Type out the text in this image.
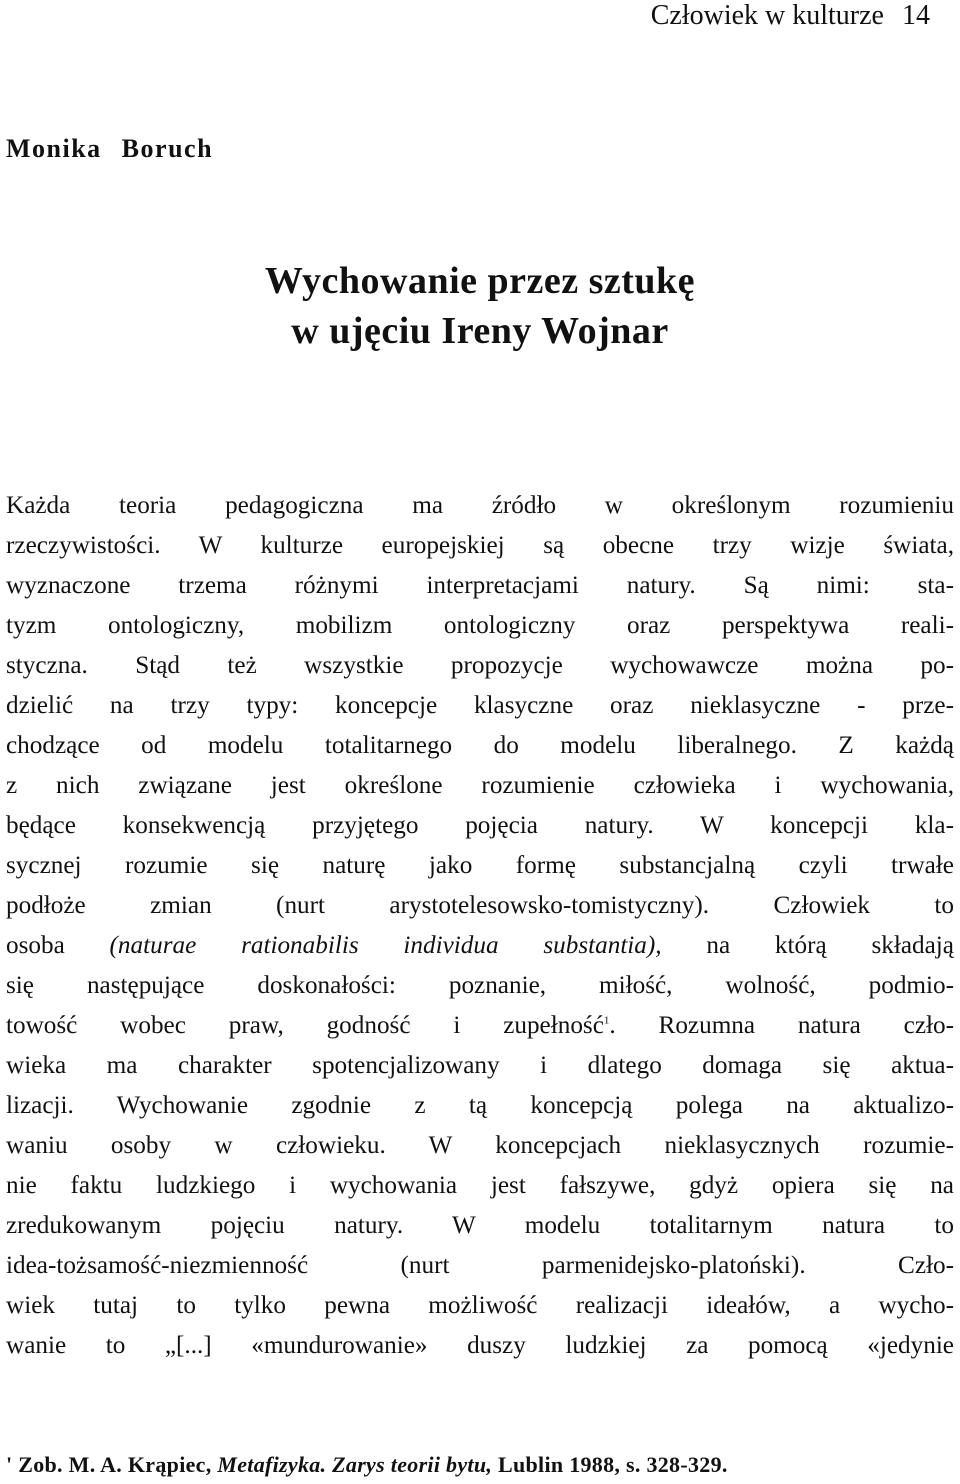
Człowiek w kulturze 14
Monika Boruch
Wychowanie przez sztukę
w ujęciu Ireny Wojnar
Każda teoria pedagogiczna ma źródło w określonym rozumieniu
rzeczywistości. W kulturze europejskiej są obecne trzy wizje świata,
wyznaczone trzema różnymi interpretacjami natury. Są nimi: sta-
tyzm ontologiczny, mobilizm ontologiczny oraz perspektywa reali-
styczna. Stąd też wszystkie propozycje wychowawcze można po-
dzielić na trzy typy: koncepcje klasyczne oraz nieklasyczne - prze-
chodzące od modelu totalitarnego do modelu liberalnego. Z każdą
z nich związane jest określone rozumienie człowieka i wychowania,
będące konsekwencją przyjętego pojęcia natury. W koncepcji kla-
sycznej rozumie się naturę jako formę substancjalną czyli trwałe
podłoże zmian (nurt arystotelesowsko-tomistyczny). Człowiek to
osoba (naturae rationabilis individua substantia), na którą składają
się następujące doskonałości: poznanie, miłość, wolność, podmio-
towość wobec praw, godność i zupełność$^1$. Rozumna natura czło-
wieka ma charakter spotencjalizowany i dlatego domaga się aktua-
lizacji. Wychowanie zgodnie z tą koncepcją polega na aktualizo-
waniu osoby w człowieku. W koncepcjach nieklasycznych rozumie-
nie faktu ludzkiego i wychowania jest fałszywe, gdyż opiera się na
zredukowanym pojęciu natury. W modelu totalitarnym natura to
idea-tożsamość-niezmienność (nurt parmenidejsko-platoński). Czło-
wiek tutaj to tylko pewna możliwość realizacji ideałów, a wycho-
wanie to „[...] «mundurowanie» duszy ludzkiej za pomocą «jedynie
' Zob. M. A. Krąpiec, Metafizyka. Zarys teorii bytu, Lublin 1988, s. 328-329.
